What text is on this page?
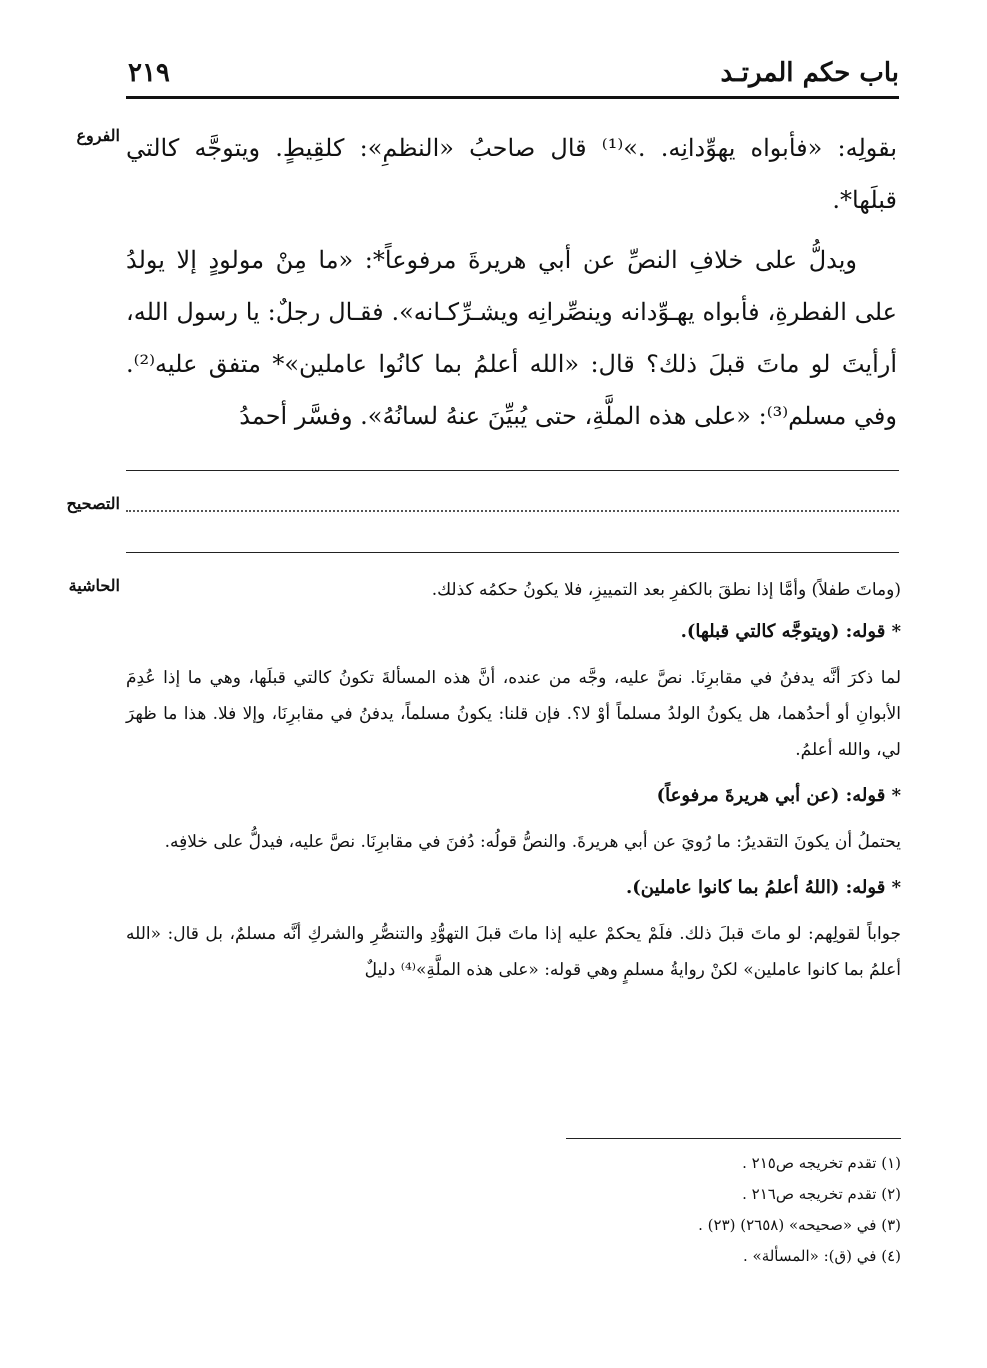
باب حكم المرتـد
٢١٩
الفروع
التصحيح
الحاشية

بقولِه: «فأبواه يهوِّدانِه. .»⁽¹⁾ قال صاحبُ «النظمِ»: كلقِيطٍ. ويتوجَّه كالتي قبلَها*.

ويدلُّ على خلافِ النصِّ عن أبي هريرةَ مرفوعاً*: «ما مِنْ مولودٍ إلا يولدُ على الفطرةِ، فأبواه يهـوِّدانه وينصِّرانِه ويشـرِّكـانه». فقـال رجلٌ: يا رسول الله، أرأيتَ لو ماتَ قبلَ ذلك؟ قال: «الله أعلمُ بما كانُوا عاملين»* متفق عليه⁽²⁾. وفي مسلم⁽³⁾: «على هذه الملَّةِ، حتى يُبيِّنَ عنهُ لسانُهُ». وفسَّر أحمدُ

(وماتَ طفلاً) وأمَّا إذا نطقَ بالكفرِ بعد التمييزِ، فلا يكونُ حكمُه كذلك.

* قوله: (ويتوجَّه كالتي قبلها).

لما ذكرَ أنَّه يدفنُ في مقابرِنَا. نصَّ عليه، وجَّه من عنده، أنَّ هذه المسألةَ تكونُ كالتي قبلَها، وهي ما إذا عُدِمَ الأبوانِ أو أحدُهما، هل يكونُ الولدُ مسلماً أوْ لا؟. فإن قلنا: يكونُ مسلماً، يدفنُ في مقابرِنَا، وإلا فلا. هذا ما ظهرَ لي، والله أعلمُ.

* قوله: (عن أبي هريرةَ مرفوعاً)

يحتملُ أن يكونَ التقديرُ: ما رُويَ عن أبي هريرةَ. والنصُّ قولُه: دُفنَ في مقابرِنَا. نصَّ عليه، فيدلُّ على خلافِه.

* قوله: (اللهُ أعلمُ بما كانوا عاملين).

جواباً لقولِهم: لو ماتَ قبلَ ذلك. فلَمْ يحكمْ عليه إذا ماتَ قبلَ التهوُّدِ والتنصُّرِ والشركِ أنَّه مسلمٌ، بل قال: «الله أعلمُ بما كانوا عاملين» لكنْ روايةُ مسلمٍ وهي قوله: «على هذه الملَّةِ»⁽⁴⁾ دليلٌ

(١) تقدم تخريجه ص٢١٥ .
(٢) تقدم تخريجه ص٢١٦ .
(٣) في «صحيحه» (٢٦٥٨) (٢٣) .
(٤) في (ق): «المسألة» .
